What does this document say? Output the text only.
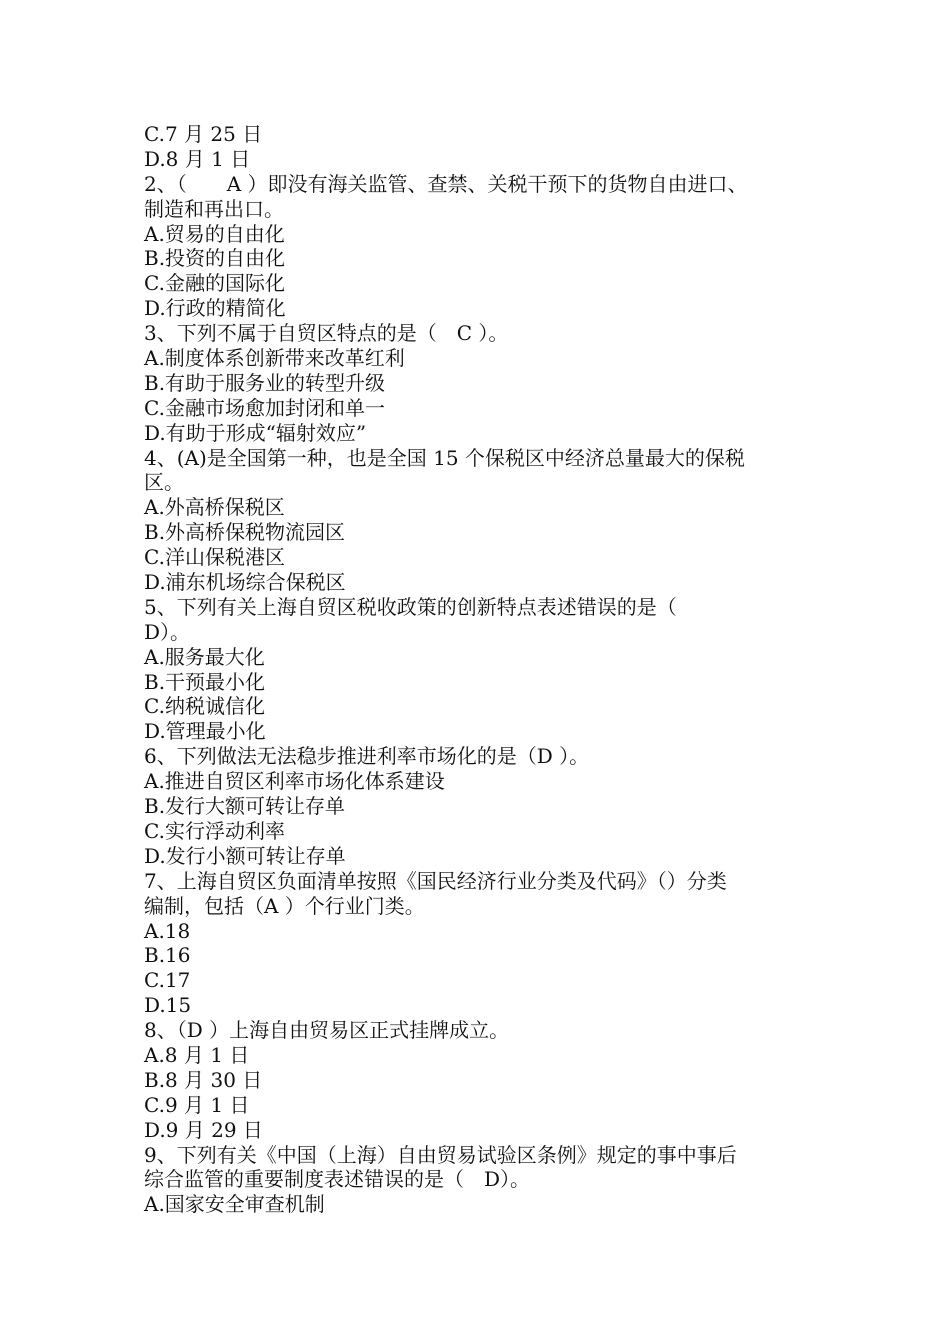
C.7 月 25 日
D.8 月 1 日
2、（　　A ）即没有海关监管、查禁、关税干预下的货物自由进口、
制造和再出口。
A.贸易的自由化
B.投资的自由化
C.金融的国际化
D.行政的精简化
3、下列不属于自贸区特点的是（　C ）。
A.制度体系创新带来改革红利
B.有助于服务业的转型升级
C.金融市场愈加封闭和单一
D.有助于形成“辐射效应”
4、(A)是全国第一种，也是全国 15 个保税区中经济总量最大的保税
区。
A.外高桥保税区
B.外高桥保税物流园区
C.洋山保税港区
D.浦东机场综合保税区
5、下列有关上海自贸区税收政策的创新特点表述错误的是（
D）。
A.服务最大化
B.干预最小化
C.纳税诚信化
D.管理最小化
6、下列做法无法稳步推进利率市场化的是（D ）。
A.推进自贸区利率市场化体系建设
B.发行大额可转让存单
C.实行浮动利率
D.发行小额可转让存单
7、上海自贸区负面清单按照《国民经济行业分类及代码》（）分类
编制，包括（A ）个行业门类。
A.18
B.16
C.17
D.15
8、（D ）上海自由贸易区正式挂牌成立。
A.8 月 1 日
B.8 月 30 日
C.9 月 1 日
D.9 月 29 日
9、下列有关《中国（上海）自由贸易试验区条例》规定的事中事后
综合监管的重要制度表述错误的是（　D）。
A.国家安全审查机制
